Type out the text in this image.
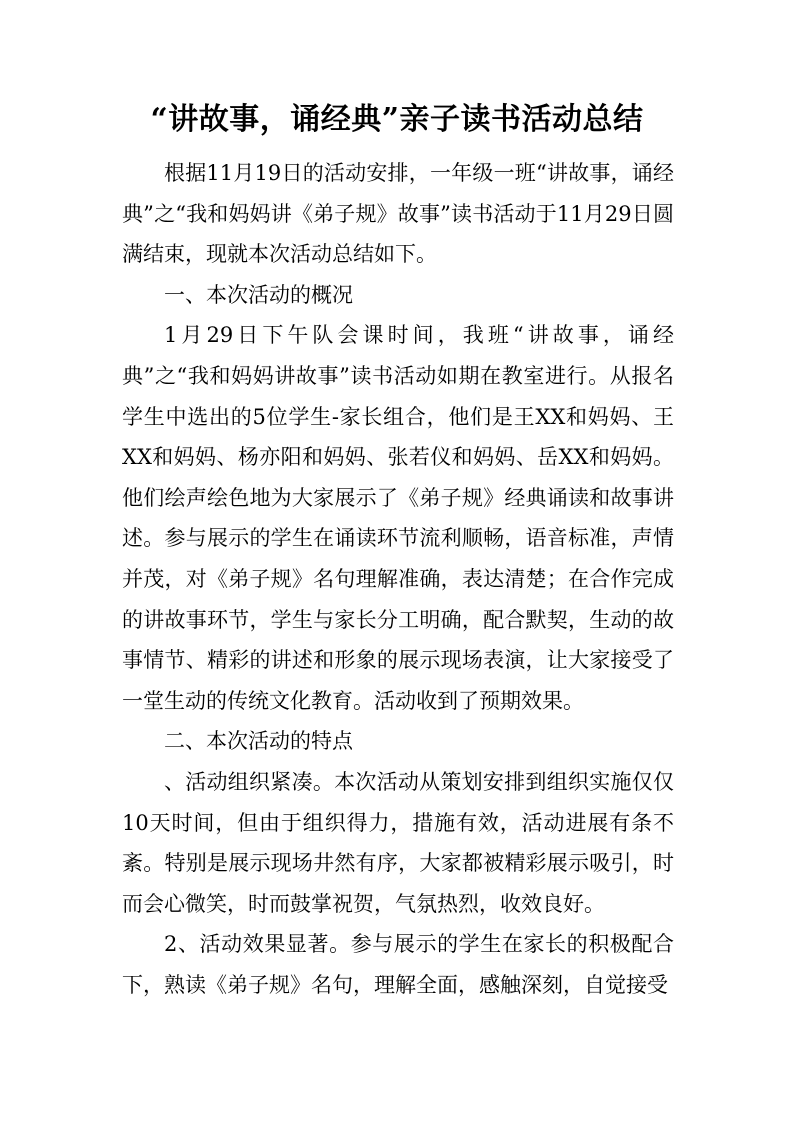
“讲故事，诵经典”亲子读书活动总结

根据11月19日的活动安排，一年级一班“讲故事，诵经典”之“我和妈妈讲《弟子规》故事”读书活动于11月29日圆满结束，现就本次活动总结如下。

一、本次活动的概况

1月29日下午队会课时间，我班“讲故事，诵经典”之“我和妈妈讲故事”读书活动如期在教室进行。从报名学生中选出的5位学生-家长组合，他们是王XX和妈妈、王XX和妈妈、杨亦阳和妈妈、张若仪和妈妈、岳XX和妈妈。他们绘声绘色地为大家展示了《弟子规》经典诵读和故事讲述。参与展示的学生在诵读环节流利顺畅，语音标准，声情并茂，对《弟子规》名句理解准确，表达清楚；在合作完成的讲故事环节，学生与家长分工明确，配合默契，生动的故事情节、精彩的讲述和形象的展示现场表演，让大家接受了一堂生动的传统文化教育。活动收到了预期效果。

二、本次活动的特点

、活动组织紧凑。本次活动从策划安排到组织实施仅仅10天时间，但由于组织得力，措施有效，活动进展有条不紊。特别是展示现场井然有序，大家都被精彩展示吸引，时而会心微笑，时而鼓掌祝贺，气氛热烈，收效良好。

2、活动效果显著。参与展示的学生在家长的积极配合下，熟读《弟子规》名句，理解全面，感触深刻，自觉接受
